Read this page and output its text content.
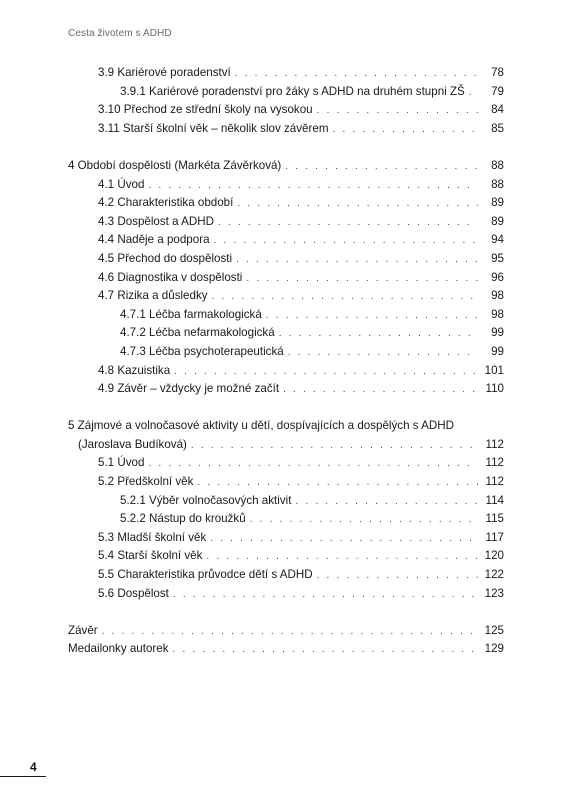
Cesta životem s ADHD
3.9 Kariérové poradenství . . .	78
3.9.1 Kariérové poradenství pro žáky s ADHD na druhém stupni ZŠ . . .	79
3.10 Přechod ze střední školy na vysokou . . .	84
3.11 Starší školní věk – několik slov závěrem . . .	85
4 Období dospělosti (Markéta Závěrková) . . .	88
4.1 Úvod . . .	88
4.2 Charakteristika období . . .	89
4.3 Dospělost a ADHD . . .	89
4.4 Naděje a podpora . . .	94
4.5 Přechod do dospělosti . . .	95
4.6 Diagnostika v dospělosti . . .	96
4.7 Rizika a důsledky . . .	98
4.7.1 Léčba farmakologická . . .	98
4.7.2 Léčba nefarmakologická . . .	99
4.7.3 Léčba psychoterapeutická . . .	99
4.8 Kazuistika . . .	101
4.9 Závěr – vždycky je možné začít . . .	110
5 Zájmové a volnočasové aktivity u dětí, dospívajících a dospělých s ADHD
(Jaroslava Budíková) . . .	112
5.1 Úvod . . .	112
5.2 Předškolní věk . . .	112
5.2.1 Výběr volnočasových aktivit . . .	114
5.2.2 Nástup do kroužků . . .	115
5.3 Mladší školní věk . . .	117
5.4 Starší školní věk . . .	120
5.5 Charakteristika průvodce dětí s ADHD . . .	122
5.6 Dospělost . . .	123
Závěr . . .	125
Medailonky autorek . . .	129
4
